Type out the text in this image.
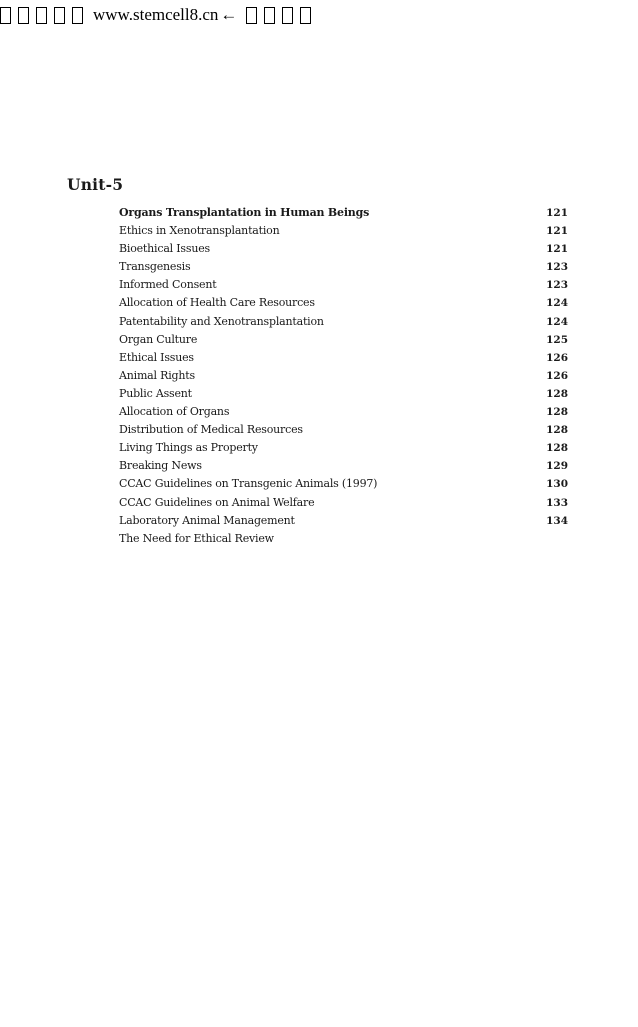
www.stemcell8.cn ←
Unit-5
Organs Transplantation in Human Beings	121
Ethics in Xenotransplantation	121
Bioethical Issues	121
Transgenesis	123
Informed Consent	123
Allocation of Health Care Resources	124
Patentability and Xenotransplantation	124
Organ Culture	125
Ethical Issues	126
Animal Rights	126
Public Assent	128
Allocation of Organs	128
Distribution of Medical Resources	128
Living Things as Property	128
Breaking News	129
CCAC Guidelines on Transgenic Animals (1997)	130
CCAC Guidelines on Animal Welfare	133
Laboratory Animal Management	134
The Need for Ethical Review
